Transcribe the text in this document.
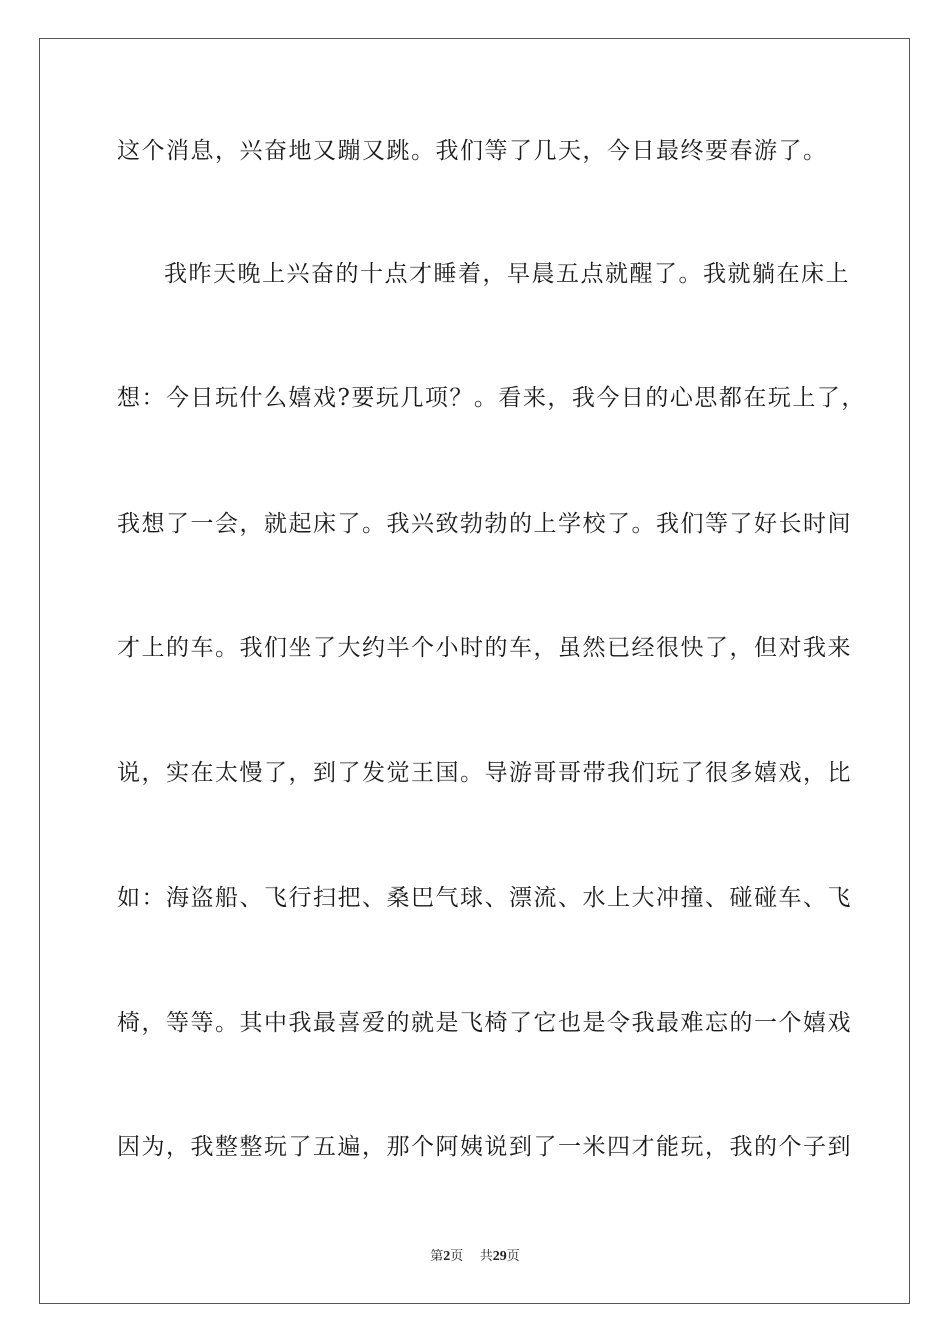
这个消息，兴奋地又蹦又跳。我们等了几天，今日最终要春游了。
我昨天晚上兴奋的十点才睡着，早晨五点就醒了。我就躺在床上
想：今日玩什么嬉戏?要玩几项？。看来，我今日的心思都在玩上了，
我想了一会，就起床了。我兴致勃勃的上学校了。我们等了好长时间
才上的车。我们坐了大约半个小时的车，虽然已经很快了，但对我来
说，实在太慢了，到了发觉王国。导游哥哥带我们玩了很多嬉戏，比
如：海盗船、飞行扫把、桑巴气球、漂流、水上大冲撞、碰碰车、飞
椅，等等。其中我最喜爱的就是飞椅了它也是令我最难忘的一个嬉戏
因为，我整整玩了五遍，那个阿姨说到了一米四才能玩，我的个子到
第2页 共29页
